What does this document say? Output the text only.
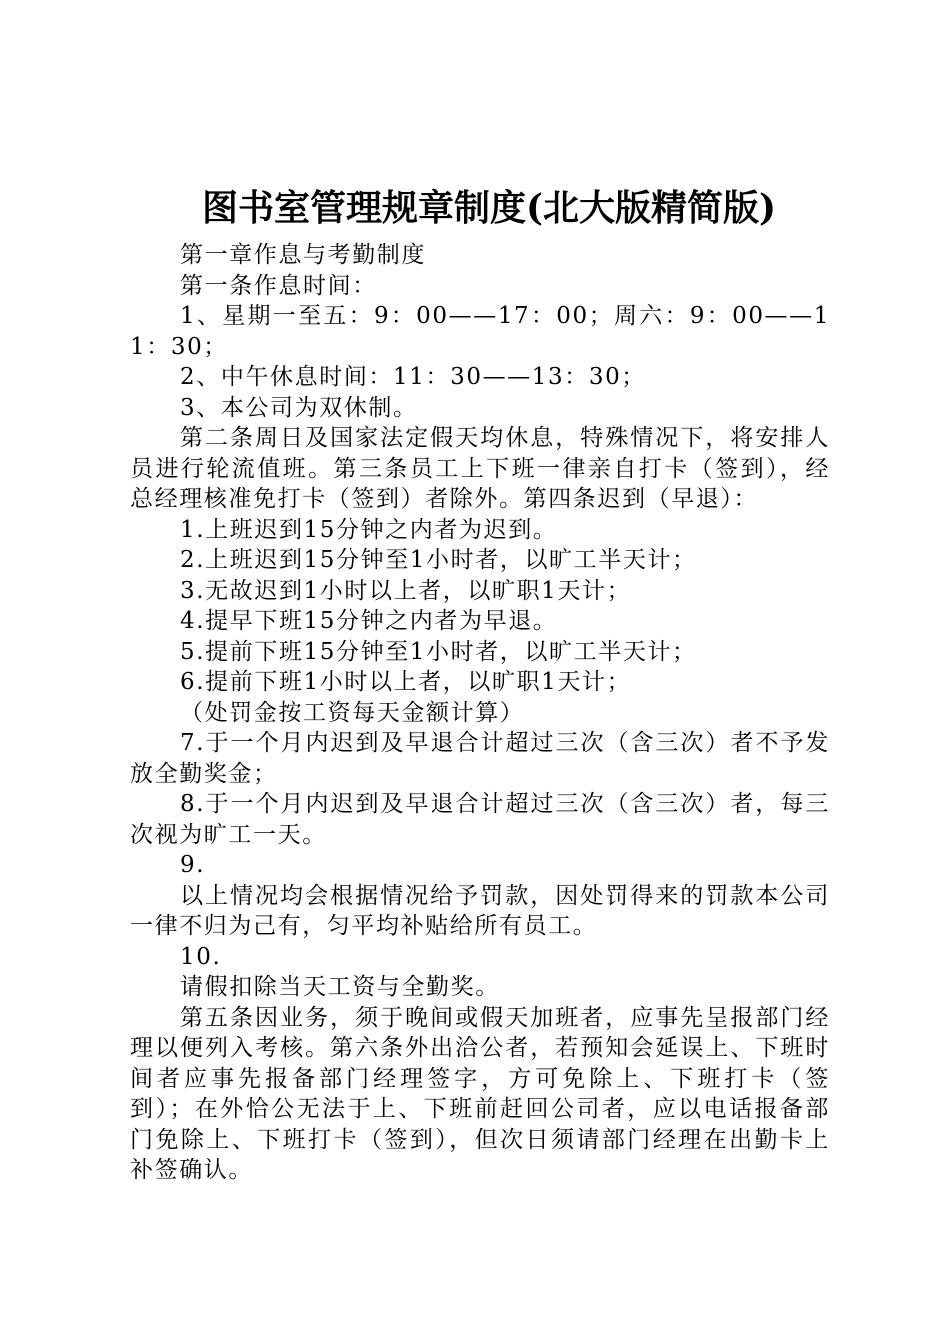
图书室管理规章制度(北大版精简版)

第一章作息与考勤制度

第一条作息时间：

1、星期一至五：9：00——17：00；周六：9：00——11：30；

2、中午休息时间：11：30——13：30；

3、本公司为双休制。

第二条周日及国家法定假天均休息，特殊情况下，将安排人员进行轮流值班。第三条员工上下班一律亲自打卡（签到），经总经理核准免打卡（签到）者除外。第四条迟到（早退）：

1.上班迟到15分钟之内者为迟到。

2.上班迟到15分钟至1小时者，以旷工半天计；

3.无故迟到1小时以上者，以旷职1天计；

4.提早下班15分钟之内者为早退。

5.提前下班15分钟至1小时者，以旷工半天计；

6.提前下班1小时以上者，以旷职1天计；

（处罚金按工资每天金额计算）

7.于一个月内迟到及早退合计超过三次（含三次）者不予发放全勤奖金；

8.于一个月内迟到及早退合计超过三次（含三次）者，每三次视为旷工一天。

9.

以上情况均会根据情况给予罚款，因处罚得来的罚款本公司一律不归为己有，匀平均补贴给所有员工。

10.

请假扣除当天工资与全勤奖。

第五条因业务，须于晚间或假天加班者，应事先呈报部门经理以便列入考核。第六条外出洽公者，若预知会延误上、下班时间者应事先报备部门经理签字，方可免除上、下班打卡（签到）；在外恰公无法于上、下班前赶回公司者，应以电话报备部门免除上、下班打卡（签到），但次日须请部门经理在出勤卡上补签确认。
